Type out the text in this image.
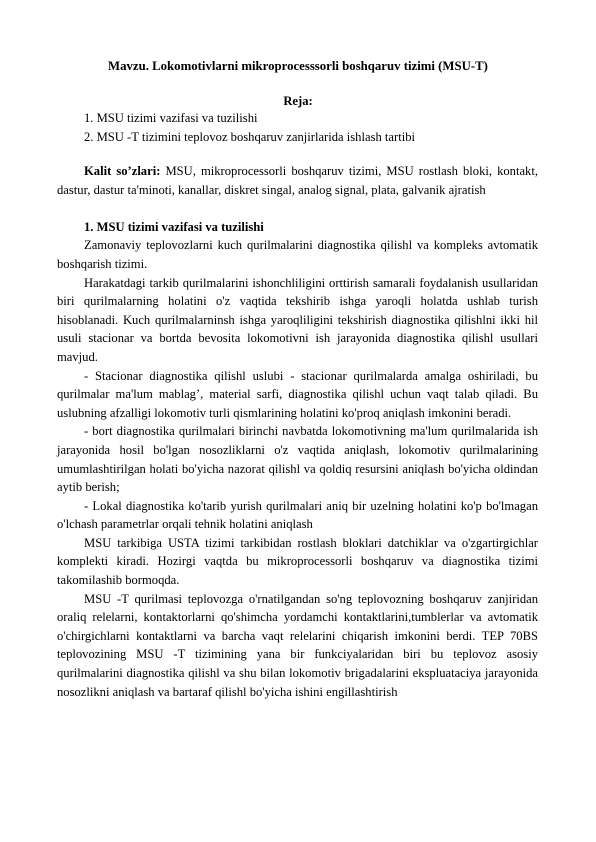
Mavzu. Lokomotivlarni mikroprocesssorli boshqaruv tizimi (MSU-T)
Reja:
1. MSU tizimi vazifasi va tuzilishi
2. MSU -T tizimini teplovoz boshqaruv zanjirlarida ishlash tartibi

Kalit so’zlari: MSU, mikroprocessorli boshqaruv tizimi, MSU rostlash bloki, kontakt, dastur, dastur ta'minoti, kanallar, diskret singal, analog signal, plata, galvanik ajratish

1. MSU tizimi vazifasi va tuzilishi

Zamonaviy teplovozlarni kuch qurilmalarini diagnostika qilishl va kompleks avtomatik boshqarish tizimi.

Harakatdagi tarkib qurilmalarini ishonchliligini orttirish samarali foydalanish usullaridan biri qurilmalarning holatini o'z vaqtida tekshirib ishga yaroqli holatda ushlab turish hisoblanadi. Kuch qurilmalarninsh ishga yaroqliligini tekshirish diagnostika qilishlni ikki hil usuli stacionar va bortda bevosita lokomotivni ish jarayonida diagnostika qilishl usullari mavjud.

- Stacionar diagnostika qilishl uslubi - stacionar qurilmalarda amalga oshiriladi, bu qurilmalar ma'lum mablag’, material sarfi, diagnostika qilishl uchun vaqt talab qiladi. Bu uslubning afzalligi lokomotiv turli qismlarining holatini ko'proq aniqlash imkonini beradi.

- bort diagnostika qurilmalari birinchi navbatda lokomotivning ma'lum qurilmalarida ish jarayonida hosil bo'lgan nosozliklarni o'z vaqtida aniqlash, lokomotiv qurilmalarining umumlashtirilgan holati bo'yicha nazorat qilishl va qoldiq resursini aniqlash bo'yicha oldindan aytib berish;

- Lokal diagnostika ko'tarib yurish qurilmalari aniq bir uzelning holatini ko'p bo'lmagan o'lchash parametrlar orqali tehnik holatini aniqlash

MSU tarkibiga USTA tizimi tarkibidan rostlash bloklari datchiklar va o'zgartirgichlar komplekti kiradi. Hozirgi vaqtda bu mikroprocessorli boshqaruv va diagnostika tizimi takomilashib bormoqda.

MSU -T qurilmasi teplovozga o'rnatilgandan so'ng teplovozning boshqaruv zanjiridan oraliq relelarni, kontaktorlarni qo'shimcha yordamchi kontaktlarini,tumblerlar va avtomatik o'chirgichlarni kontaktlarni va barcha vaqt relelarini chiqarish imkonini berdi. TEP 70BS teplovozining MSU -T tizimining yana bir funkciyalaridan biri bu teplovoz asosiy qurilmalarini diagnostika qilishl va shu bilan lokomotiv brigadalarini ekspluataciya jarayonida nosozlikni aniqlash va bartaraf qilishl bo'yicha ishini engillashtirish
